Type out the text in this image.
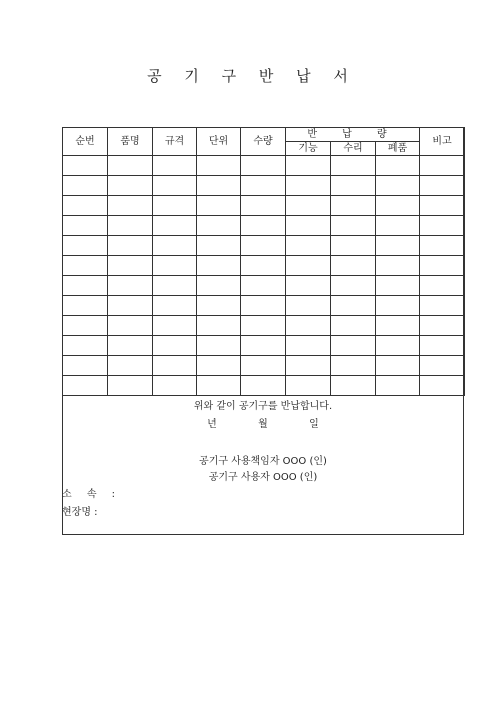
공 기 구 반 납 서
순번	품명	규격	단위	수량	반 납 량			비고
					기능	수리	폐품	

위와 같이 공기구를 반납합니다.
년	월	일
공기구 사용책임자 OOO (인)
공기구 사용자 OOO (인)
소 속 :
현장명 :
